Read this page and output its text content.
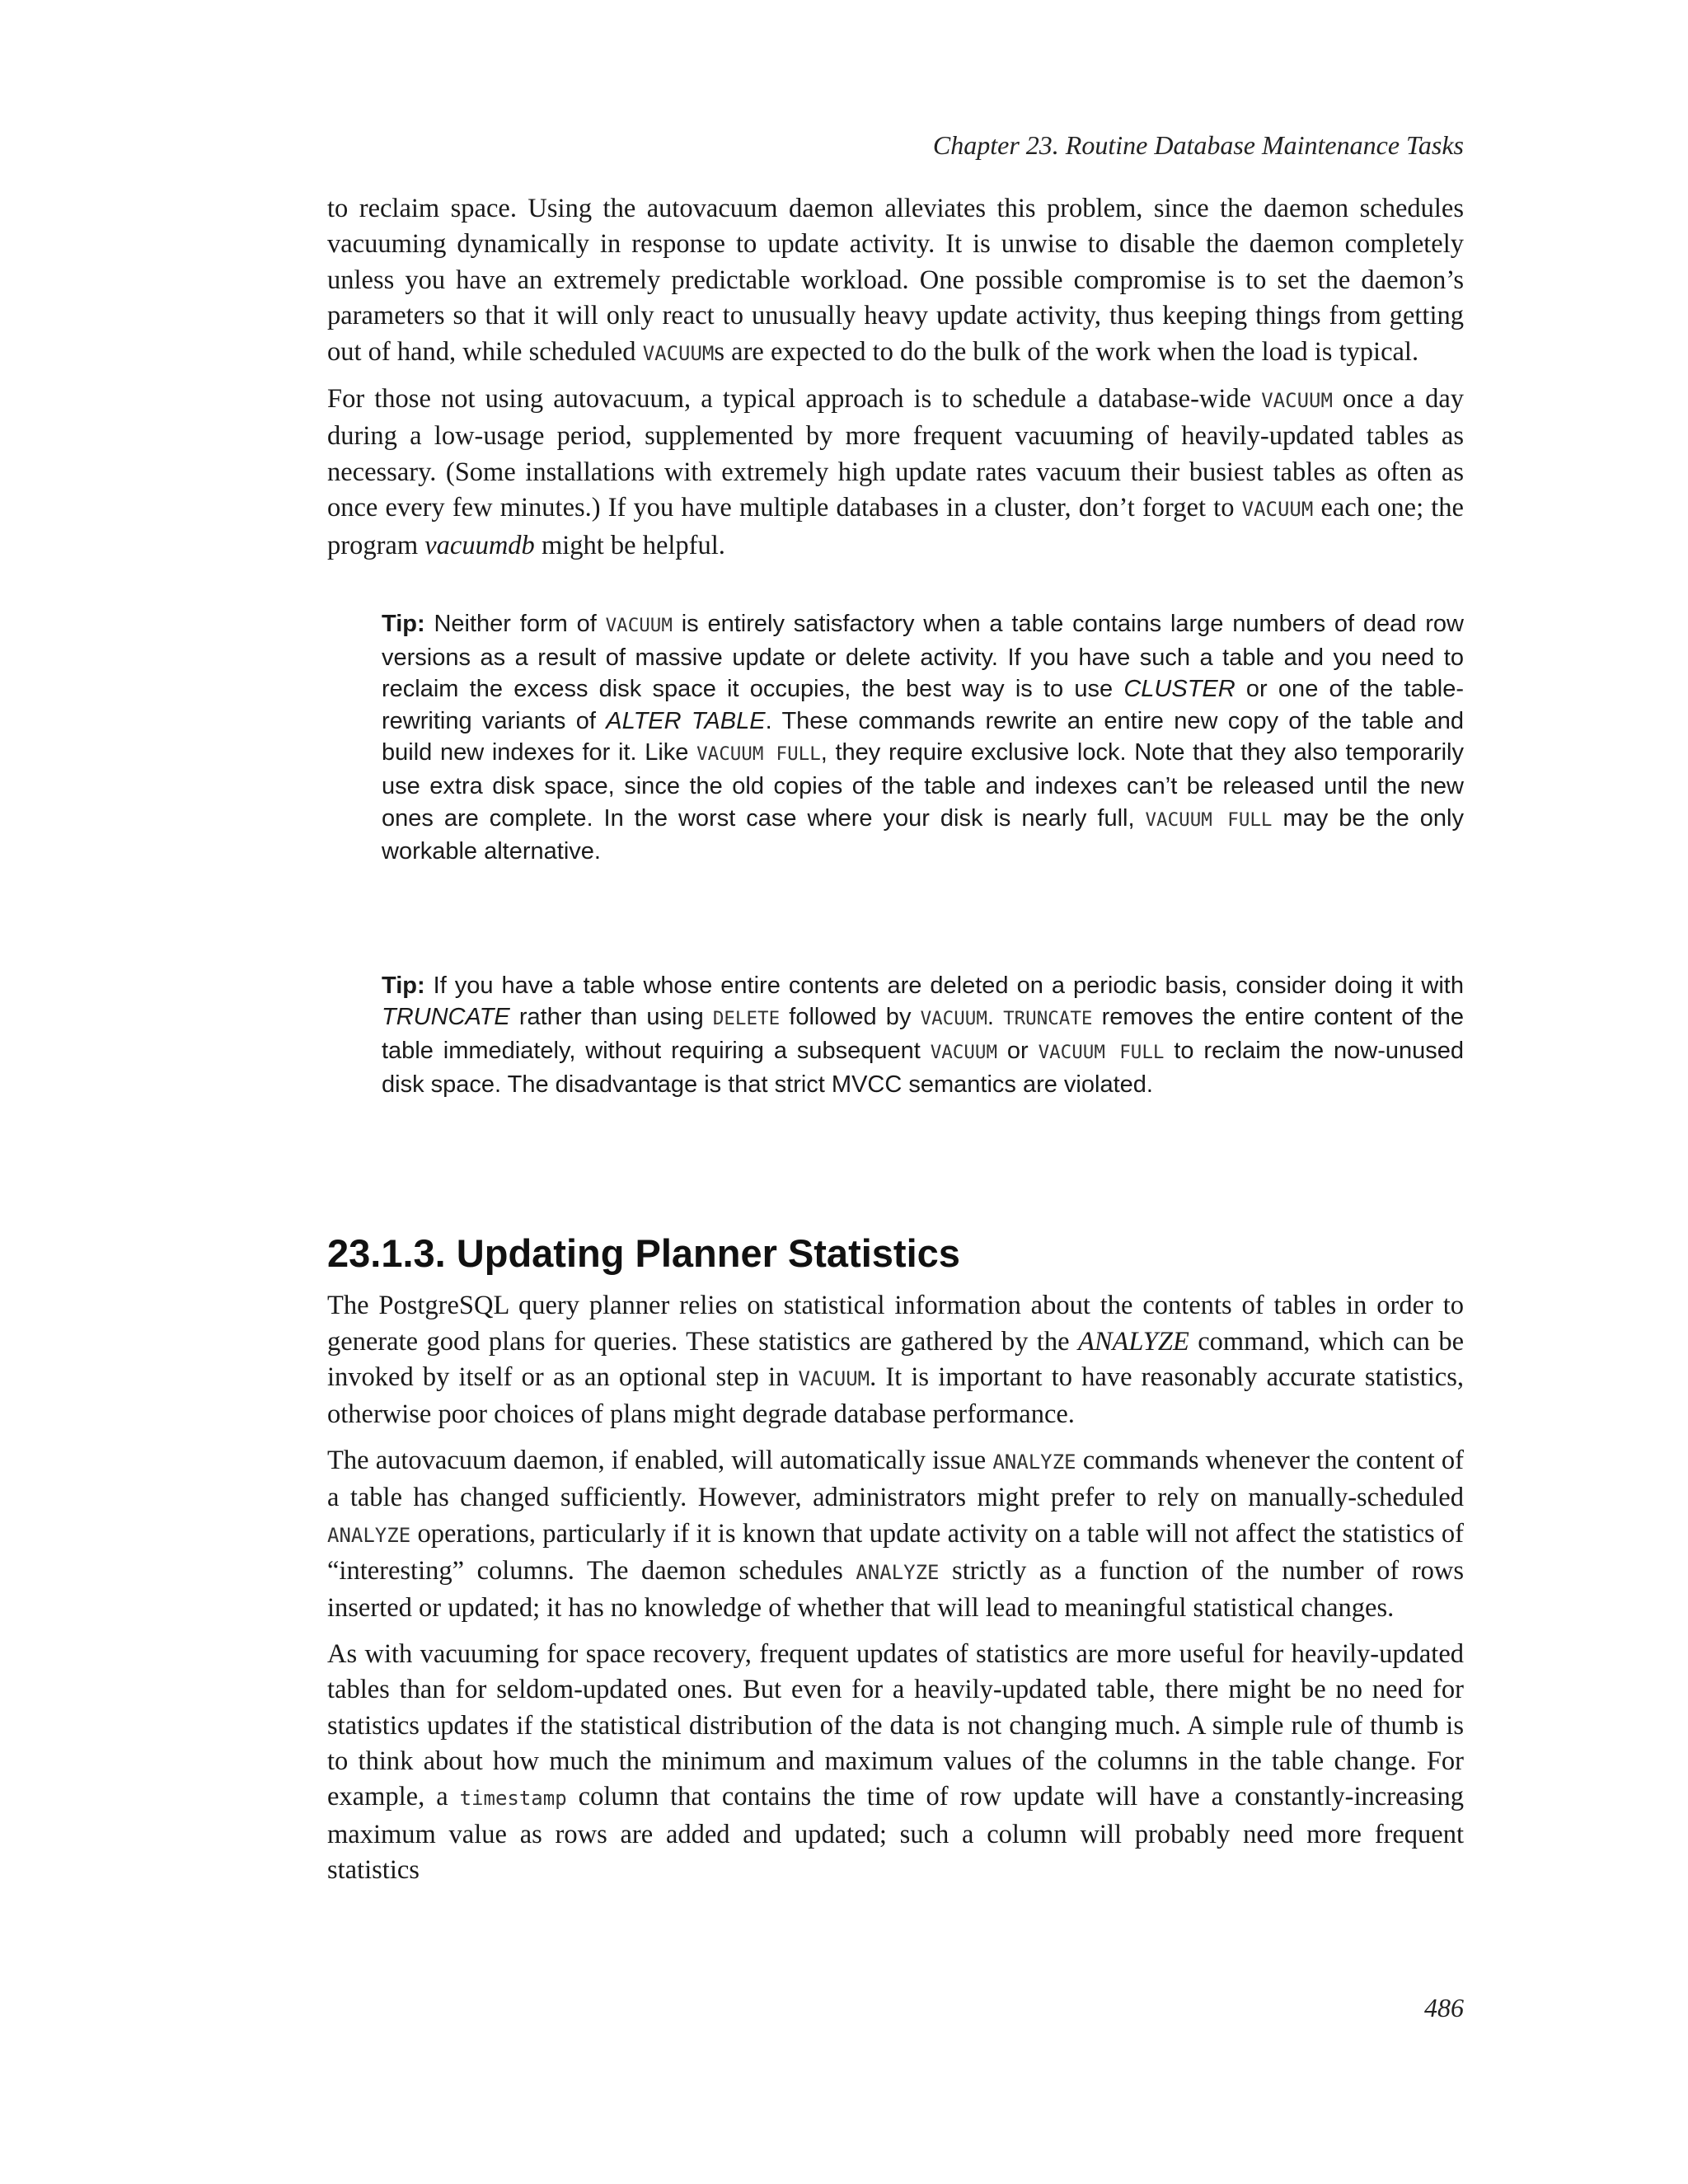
Chapter 23. Routine Database Maintenance Tasks

to reclaim space. Using the autovacuum daemon alleviates this problem, since the daemon schedules vacuuming dynamically in response to update activity. It is unwise to disable the daemon completely unless you have an extremely predictable workload. One possible compromise is to set the daemon’s parameters so that it will only react to unusually heavy update activity, thus keeping things from getting out of hand, while scheduled VACUUMs are expected to do the bulk of the work when the load is typical.

For those not using autovacuum, a typical approach is to schedule a database-wide VACUUM once a day during a low-usage period, supplemented by more frequent vacuuming of heavily-updated tables as necessary. (Some installations with extremely high update rates vacuum their busiest tables as often as once every few minutes.) If you have multiple databases in a cluster, don’t forget to VACUUM each one; the program vacuumdb might be helpful.

Tip: Neither form of VACUUM is entirely satisfactory when a table contains large numbers of dead row versions as a result of massive update or delete activity. If you have such a table and you need to reclaim the excess disk space it occupies, the best way is to use CLUSTER or one of the table-rewriting variants of ALTER TABLE. These commands rewrite an entire new copy of the table and build new indexes for it. Like VACUUM FULL, they require exclusive lock. Note that they also temporarily use extra disk space, since the old copies of the table and indexes can’t be released until the new ones are complete. In the worst case where your disk is nearly full, VACUUM FULL may be the only workable alternative.
Tip: If you have a table whose entire contents are deleted on a periodic basis, consider doing it with TRUNCATE rather than using DELETE followed by VACUUM. TRUNCATE removes the entire content of the table immediately, without requiring a subsequent VACUUM or VACUUM FULL to reclaim the now-unused disk space. The disadvantage is that strict MVCC semantics are violated.
23.1.3. Updating Planner Statistics

The PostgreSQL query planner relies on statistical information about the contents of tables in order to generate good plans for queries. These statistics are gathered by the ANALYZE command, which can be invoked by itself or as an optional step in VACUUM. It is important to have reasonably accurate statistics, otherwise poor choices of plans might degrade database performance.

The autovacuum daemon, if enabled, will automatically issue ANALYZE commands whenever the content of a table has changed sufficiently. However, administrators might prefer to rely on manually-scheduled ANALYZE operations, particularly if it is known that update activity on a table will not affect the statistics of “interesting” columns. The daemon schedules ANALYZE strictly as a function of the number of rows inserted or updated; it has no knowledge of whether that will lead to meaningful statistical changes.

As with vacuuming for space recovery, frequent updates of statistics are more useful for heavily-updated tables than for seldom-updated ones. But even for a heavily-updated table, there might be no need for statistics updates if the statistical distribution of the data is not changing much. A simple rule of thumb is to think about how much the minimum and maximum values of the columns in the table change. For example, a timestamp column that contains the time of row update will have a constantly-increasing maximum value as rows are added and updated; such a column will probably need more frequent statistics

486
